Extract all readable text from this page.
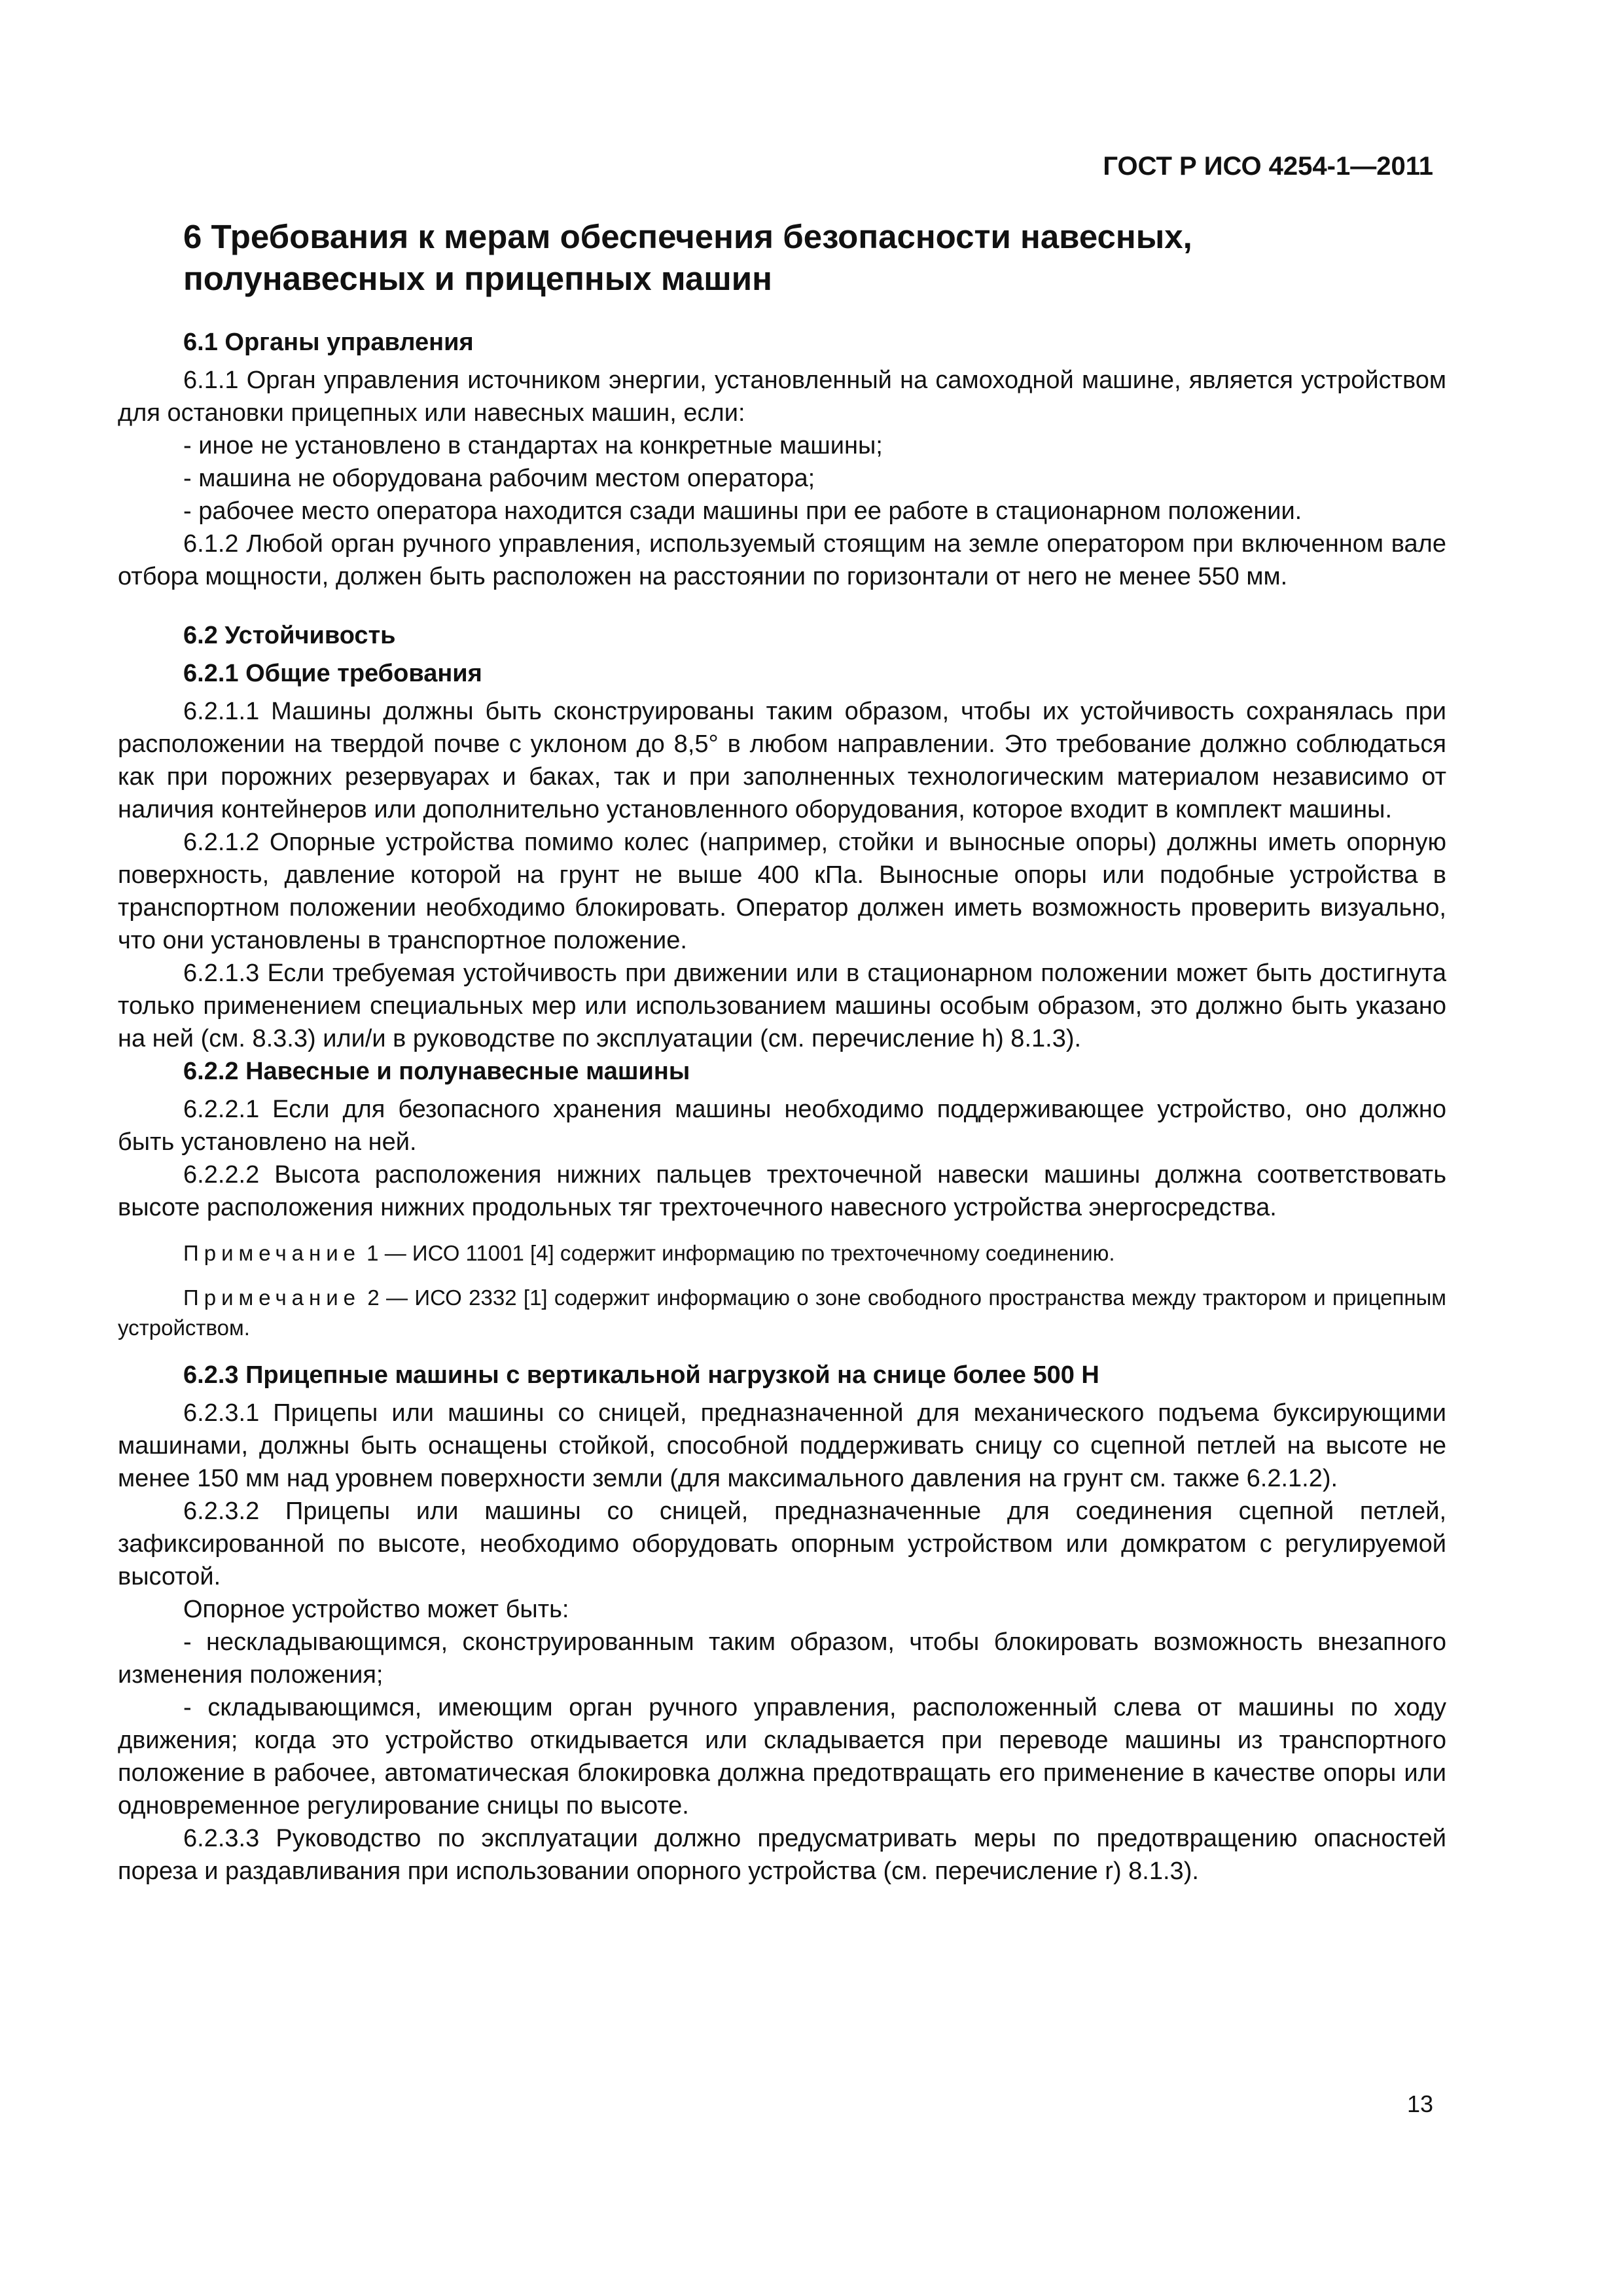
ГОСТ Р ИСО 4254-1—2011
6 Требования к мерам обеспечения безопасности навесных,
полунавесных и прицепных машин
6.1 Органы управления

6.1.1 Орган управления источником энергии, установленный на самоходной машине, является устройством для остановки прицепных или навесных машин, если:

- иное не установлено в стандартах на конкретные машины;

- машина не оборудована рабочим местом оператора;

- рабочее место оператора находится сзади машины при ее работе в стационарном положении.

6.1.2 Любой орган ручного управления, используемый стоящим на земле оператором при включенном вале отбора мощности, должен быть расположен на расстоянии по горизонтали от него не менее 550 мм.

6.2 Устойчивость
6.2.1 Общие требования

6.2.1.1 Машины должны быть сконструированы таким образом, чтобы их устойчивость сохранялась при расположении на твердой почве с уклоном до 8,5° в любом направлении. Это требование должно соблюдаться как при порожних резервуарах и баках, так и при заполненных технологическим материалом независимо от наличия контейнеров или дополнительно установленного оборудования, которое входит в комплект машины.

6.2.1.2 Опорные устройства помимо колес (например, стойки и выносные опоры) должны иметь опорную поверхность, давление которой на грунт не выше 400 кПа. Выносные опоры или подобные устройства в транспортном положении необходимо блокировать. Оператор должен иметь возможность проверить визуально, что они установлены в транспортное положение.

6.2.1.3 Если требуемая устойчивость при движении или в стационарном положении может быть достигнута только применением специальных мер или использованием машины особым образом, это должно быть указано на ней (см. 8.3.3) или/и в руководстве по эксплуатации (см. перечисление h) 8.1.3).

6.2.2 Навесные и полунавесные машины

6.2.2.1 Если для безопасного хранения машины необходимо поддерживающее устройство, оно должно быть установлено на ней.

6.2.2.2 Высота расположения нижних пальцев трехточечной навески машины должна соответствовать высоте расположения нижних продольных тяг трехточечного навесного устройства энергосредства.

Примечание 1 — ИСО 11001 [4] содержит информацию по трехточечному соединению.
Примечание 2 — ИСО 2332 [1] содержит информацию о зоне свободного пространства между трактором и прицепным устройством.
6.2.3 Прицепные машины с вертикальной нагрузкой на снице более 500 Н

6.2.3.1 Прицепы или машины со сницей, предназначенной для механического подъема буксирующими машинами, должны быть оснащены стойкой, способной поддерживать сницу со сцепной петлей на высоте не менее 150 мм над уровнем поверхности земли (для максимального давления на грунт см. также 6.2.1.2).

6.2.3.2 Прицепы или машины со сницей, предназначенные для соединения сцепной петлей, зафиксированной по высоте, необходимо оборудовать опорным устройством или домкратом с регулируемой высотой.

Опорное устройство может быть:

- нескладывающимся, сконструированным таким образом, чтобы блокировать возможность внезапного изменения положения;

- складывающимся, имеющим орган ручного управления, расположенный слева от машины по ходу движения; когда это устройство откидывается или складывается при переводе машины из транспортного положение в рабочее, автоматическая блокировка должна предотвращать его применение в качестве опоры или одновременное регулирование сницы по высоте.

6.2.3.3 Руководство по эксплуатации должно предусматривать меры по предотвращению опасностей пореза и раздавливания при использовании опорного устройства (см. перечисление r) 8.1.3).

13
